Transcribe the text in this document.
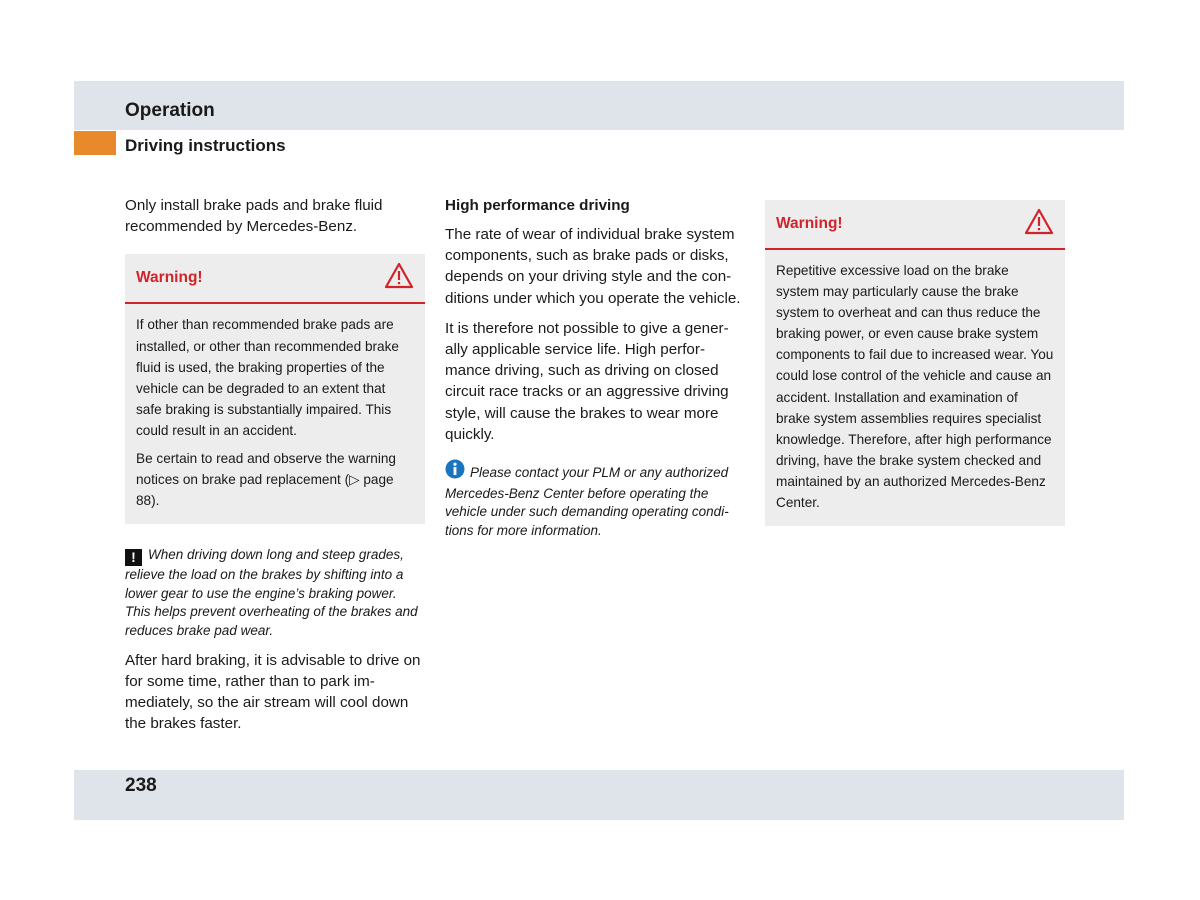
Operation
Driving instructions

Only install brake pads and brake fluid recommended by Mercedes-Benz.

Warning!

If other than recommended brake pads are installed, or other than recommended brake fluid is used, the braking properties of the vehicle can be degraded to an extent that safe braking is substantially impaired. This could result in an accident.

Be certain to read and observe the warning notices on brake pad replacement (▷ page 88).

! When driving down long and steep grades, relieve the load on the brakes by shifting into a lower gear to use the engine’s braking power. This helps prevent overheating of the brakes and reduces brake pad wear.

After hard braking, it is advisable to drive on for some time, rather than to park immediately, so the air stream will cool down the brakes faster.

High performance driving

The rate of wear of individual brake system components, such as brake pads or disks, depends on your driving style and the conditions under which you operate the vehicle.

It is therefore not possible to give a generally applicable service life. High performance driving, such as driving on closed circuit race tracks or an aggressive driving style, will cause the brakes to wear more quickly.

Please contact your PLM or any authorized Mercedes-Benz Center before operating the vehicle under such demanding operating conditions for more information.

Warning!

Repetitive excessive load on the brake system may particularly cause the brake system to overheat and can thus reduce the braking power, or even cause brake system components to fail due to increased wear. You could lose control of the vehicle and cause an accident. Installation and examination of brake system assemblies requires specialist knowledge. Therefore, after high performance driving, have the brake system checked and maintained by an authorized Mercedes-Benz Center.

238
